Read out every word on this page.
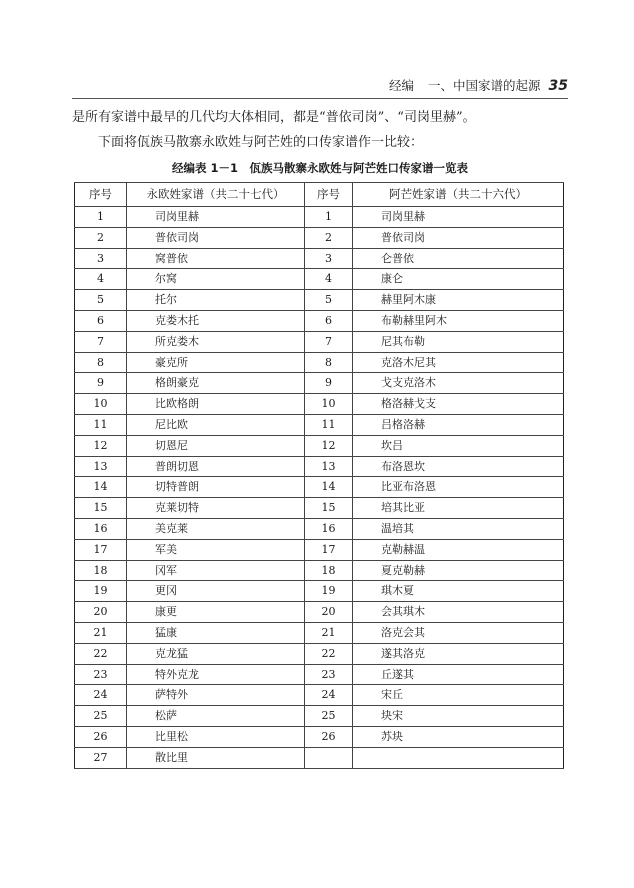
经编 一、中国家谱的起源 35
是所有家谱中最早的几代均大体相同，都是“普依司岗”、“司岗里赫”。
下面将佤族马散寨永欧姓与阿芒姓的口传家谱作一比较：
经编表 1－1　佤族马散寨永欧姓与阿芒姓口传家谱一览表
序号	永欧姓家谱（共二十七代）	序号	阿芒姓家谱（共二十六代）
1	司岗里赫	1	司岗里赫
2	普依司岗	2	普依司岗
3	窝普依	3	仑普依
4	尔窝	4	康仑
5	托尔	5	赫里阿木康
6	克娄木托	6	布勒赫里阿木
7	所克娄木	7	尼其布勒
8	豪克所	8	克洛木尼其
9	格朗豪克	9	戈支克洛木
10	比欧格朗	10	格洛赫戈支
11	尼比欧	11	吕格洛赫
12	切恩尼	12	坎吕
13	普朗切恩	13	布洛恩坎
14	切特普朗	14	比亚布洛恩
15	克莱切特	15	培其比亚
16	美克莱	16	温培其
17	军美	17	克勒赫温
18	冈军	18	夏克勒赫
19	更冈	19	琪木夏
20	康更	20	会其琪木
21	猛康	21	洛克会其
22	克龙猛	22	遂其洛克
23	特外克龙	23	丘遂其
24	萨特外	24	宋丘
25	松萨	25	块宋
26	比里松	26	苏块
27	散比里		
